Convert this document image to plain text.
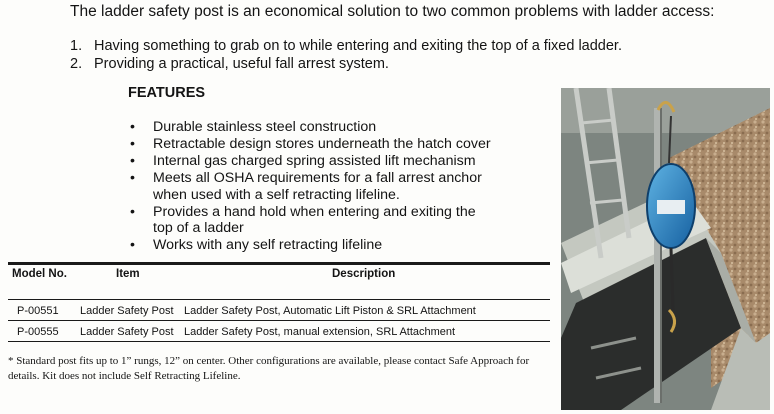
The ladder safety post is an economical solution to two common problems with ladder access:
1. Having something to grab on to while entering and exiting the top of a fixed ladder.
2. Providing a practical, useful fall arrest system.
FEATURES
• Durable stainless steel construction
• Retractable design stores underneath the hatch cover
• Internal gas charged spring assisted lift mechanism
• Meets all OSHA requirements for a fall arrest anchor when used with a self retracting lifeline.
• Provides a hand hold when entering and exiting the top of a ladder
• Works with any self retracting lifeline
Model No.	Item	Description
P-00551 Ladder Safety Post Ladder Safety Post, Automatic Lift Piston & SRL Attachment
P-00555 Ladder Safety Post Ladder Safety Post, manual extension, SRL Attachment
* Standard post fits up to 1” rungs, 12” on center. Other configurations are available, please contact Safe Approach for details. Kit does not include Self Retracting Lifeline.
